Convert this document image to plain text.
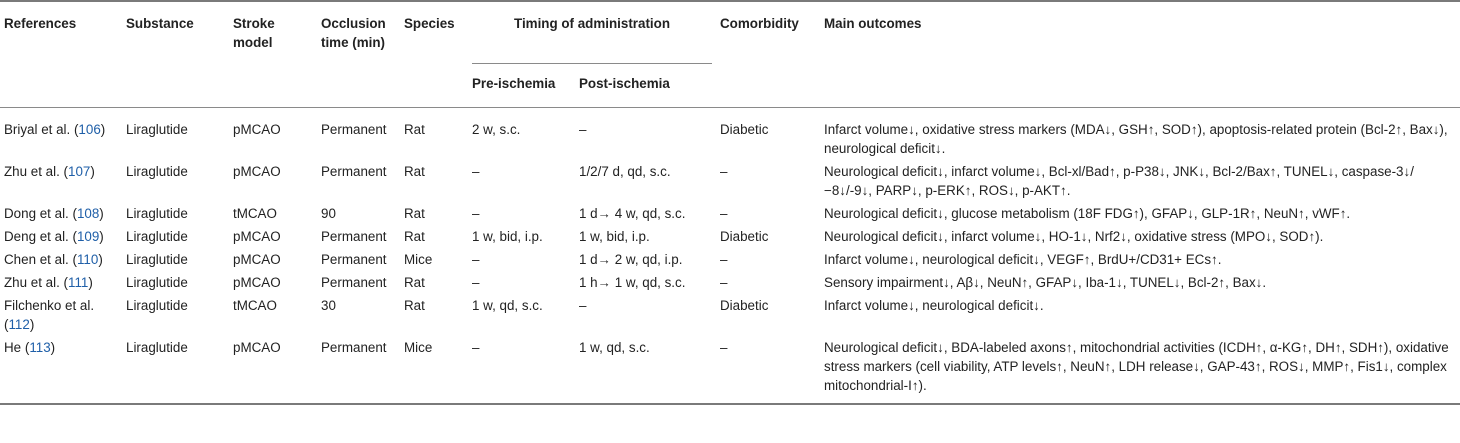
References	Substance	Stroke model	Occlusion time (min)	Species	Timing of administration		Comorbidity	Main outcomes
					Pre-ischemia	Post-ischemia		
Briyal et al. (106)	Liraglutide	pMCAO	Permanent	Rat	2 w, s.c.	–	Diabetic	Infarct volume↓, oxidative stress markers (MDA↓, GSH↑, SOD↑), apoptosis-related protein (Bcl-2↑, Bax↓), neurological deficit↓.
Zhu et al. (107)	Liraglutide	pMCAO	Permanent	Rat	–	1/2/7 d, qd, s.c.	–	Neurological deficit↓, infarct volume↓, Bcl-xl/Bad↑, p-P38↓, JNK↓, Bcl-2/Bax↑, TUNEL↓, caspase-3↓/−8↓/-9↓, PARP↓, p-ERK↑, ROS↓, p-AKT↑.
Dong et al. (108)	Liraglutide	tMCAO	90	Rat	–	1 d→ 4 w, qd, s.c.	–	Neurological deficit↓, glucose metabolism (18F FDG↑), GFAP↓, GLP-1R↑, NeuN↑, vWF↑.
Deng et al. (109)	Liraglutide	pMCAO	Permanent	Rat	1 w, bid, i.p.	1 w, bid, i.p.	Diabetic	Neurological deficit↓, infarct volume↓, HO-1↓, Nrf2↓, oxidative stress (MPO↓, SOD↑).
Chen et al. (110)	Liraglutide	pMCAO	Permanent	Mice	–	1 d→ 2 w, qd, i.p.	–	Infarct volume↓, neurological deficit↓, VEGF↑, BrdU+/CD31+ ECs↑.
Zhu et al. (111)	Liraglutide	pMCAO	Permanent	Rat	–	1 h→ 1 w, qd, s.c.	–	Sensory impairment↓, Aβ↓, NeuN↑, GFAP↓, Iba-1↓, TUNEL↓, Bcl-2↑, Bax↓.
Filchenko et al. (112)	Liraglutide	tMCAO	30	Rat	1 w, qd, s.c.	–	Diabetic	Infarct volume↓, neurological deficit↓.
He (113)	Liraglutide	pMCAO	Permanent	Mice	–	1 w, qd, s.c.	–	Neurological deficit↓, BDA-labeled axons↑, mitochondrial activities (ICDH↑, α-KG↑, DH↑, SDH↑), oxidative stress markers (cell viability, ATP levels↑, NeuN↑, LDH release↓, GAP-43↑, ROS↓, MMP↑, Fis1↓, complex mitochondrial-I↑).
